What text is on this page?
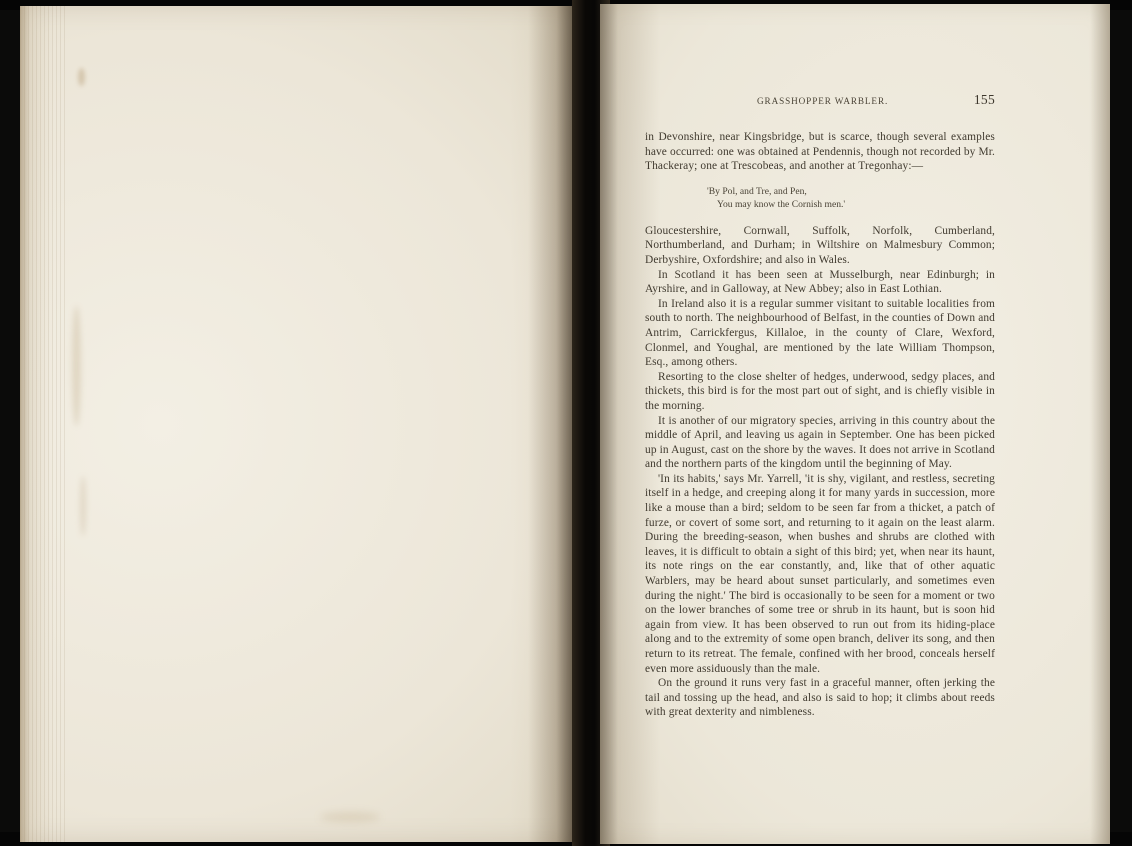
GRASSHOPPER WARBLER.	155

in Devonshire, near Kingsbridge, but is scarce, though several examples have occurred: one was obtained at Pendennis, though not recorded by Mr. Thackeray; one at Trescobeas, and another at Tregonhay:—

'By Pol, and Tre, and Pen,
You may know the Cornish men.'

Gloucestershire, Cornwall, Suffolk, Norfolk, Cumberland, Northumberland, and Durham; in Wiltshire on Malmesbury Common; Derbyshire, Oxfordshire; and also in Wales.

In Scotland it has been seen at Musselburgh, near Edinburgh; in Ayrshire, and in Galloway, at New Abbey; also in East Lothian.

In Ireland also it is a regular summer visitant to suitable localities from south to north. The neighbourhood of Belfast, in the counties of Down and Antrim, Carrickfergus, Killaloe, in the county of Clare, Wexford, Clonmel, and Youghal, are mentioned by the late William Thompson, Esq., among others.

Resorting to the close shelter of hedges, underwood, sedgy places, and thickets, this bird is for the most part out of sight, and is chiefly visible in the morning.

It is another of our migratory species, arriving in this country about the middle of April, and leaving us again in September. One has been picked up in August, cast on the shore by the waves. It does not arrive in Scotland and the northern parts of the kingdom until the beginning of May.

'In its habits,' says Mr. Yarrell, 'it is shy, vigilant, and restless, secreting itself in a hedge, and creeping along it for many yards in succession, more like a mouse than a bird; seldom to be seen far from a thicket, a patch of furze, or covert of some sort, and returning to it again on the least alarm. During the breeding-season, when bushes and shrubs are clothed with leaves, it is difficult to obtain a sight of this bird; yet, when near its haunt, its note rings on the ear constantly, and, like that of other aquatic Warblers, may be heard about sunset particularly, and sometimes even during the night.' The bird is occasionally to be seen for a moment or two on the lower branches of some tree or shrub in its haunt, but is soon hid again from view. It has been observed to run out from its hiding-place along and to the extremity of some open branch, deliver its song, and then return to its retreat. The female, confined with her brood, conceals herself even more assiduously than the male.

On the ground it runs very fast in a graceful manner, often jerking the tail and tossing up the head, and also is said to hop; it climbs about reeds with great dexterity and nimbleness.
